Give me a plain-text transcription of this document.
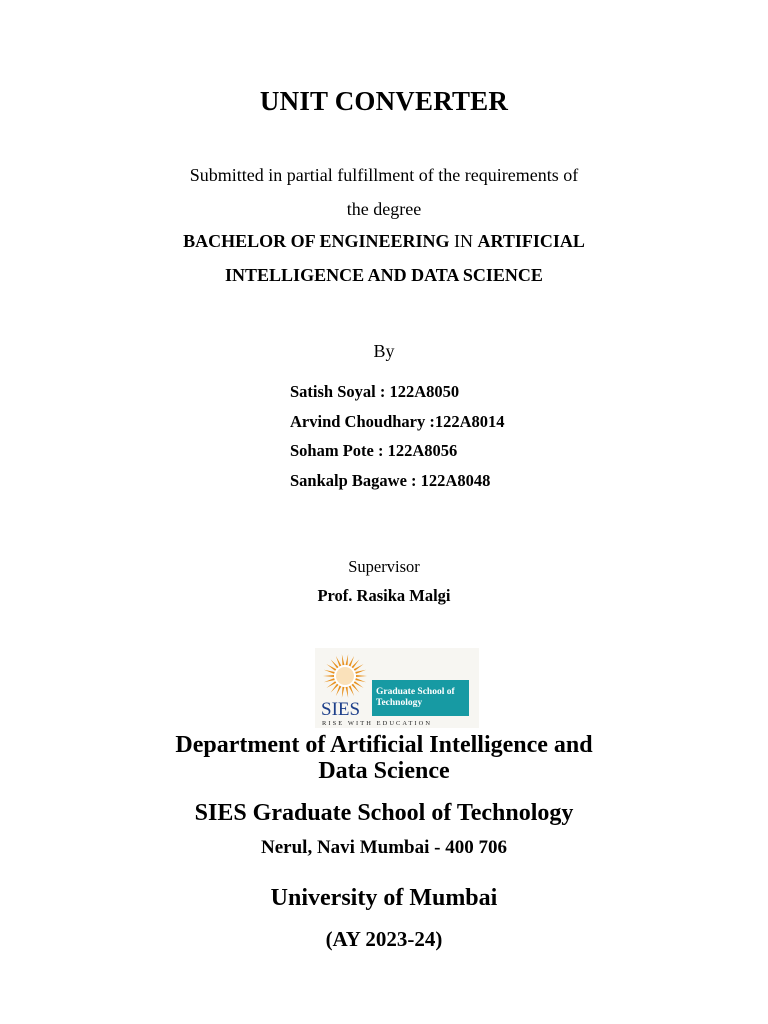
UNIT CONVERTER
Submitted in partial fulfillment of the requirements of
the degree
BACHELOR OF ENGINEERING IN ARTIFICIAL
INTELLIGENCE AND DATA SCIENCE
By
Satish Soyal : 122A8050
Arvind Choudhary :122A8014
Soham Pote : 122A8056
Sankalp Bagawe : 122A8048
Supervisor
Prof. Rasika Malgi
Graduate School of
Technology
SIES
RISE WITH EDUCATION
Department of Artificial Intelligence and
Data Science
SIES Graduate School of Technology
Nerul, Navi Mumbai - 400 706
University of Mumbai
(AY 2023-24)
